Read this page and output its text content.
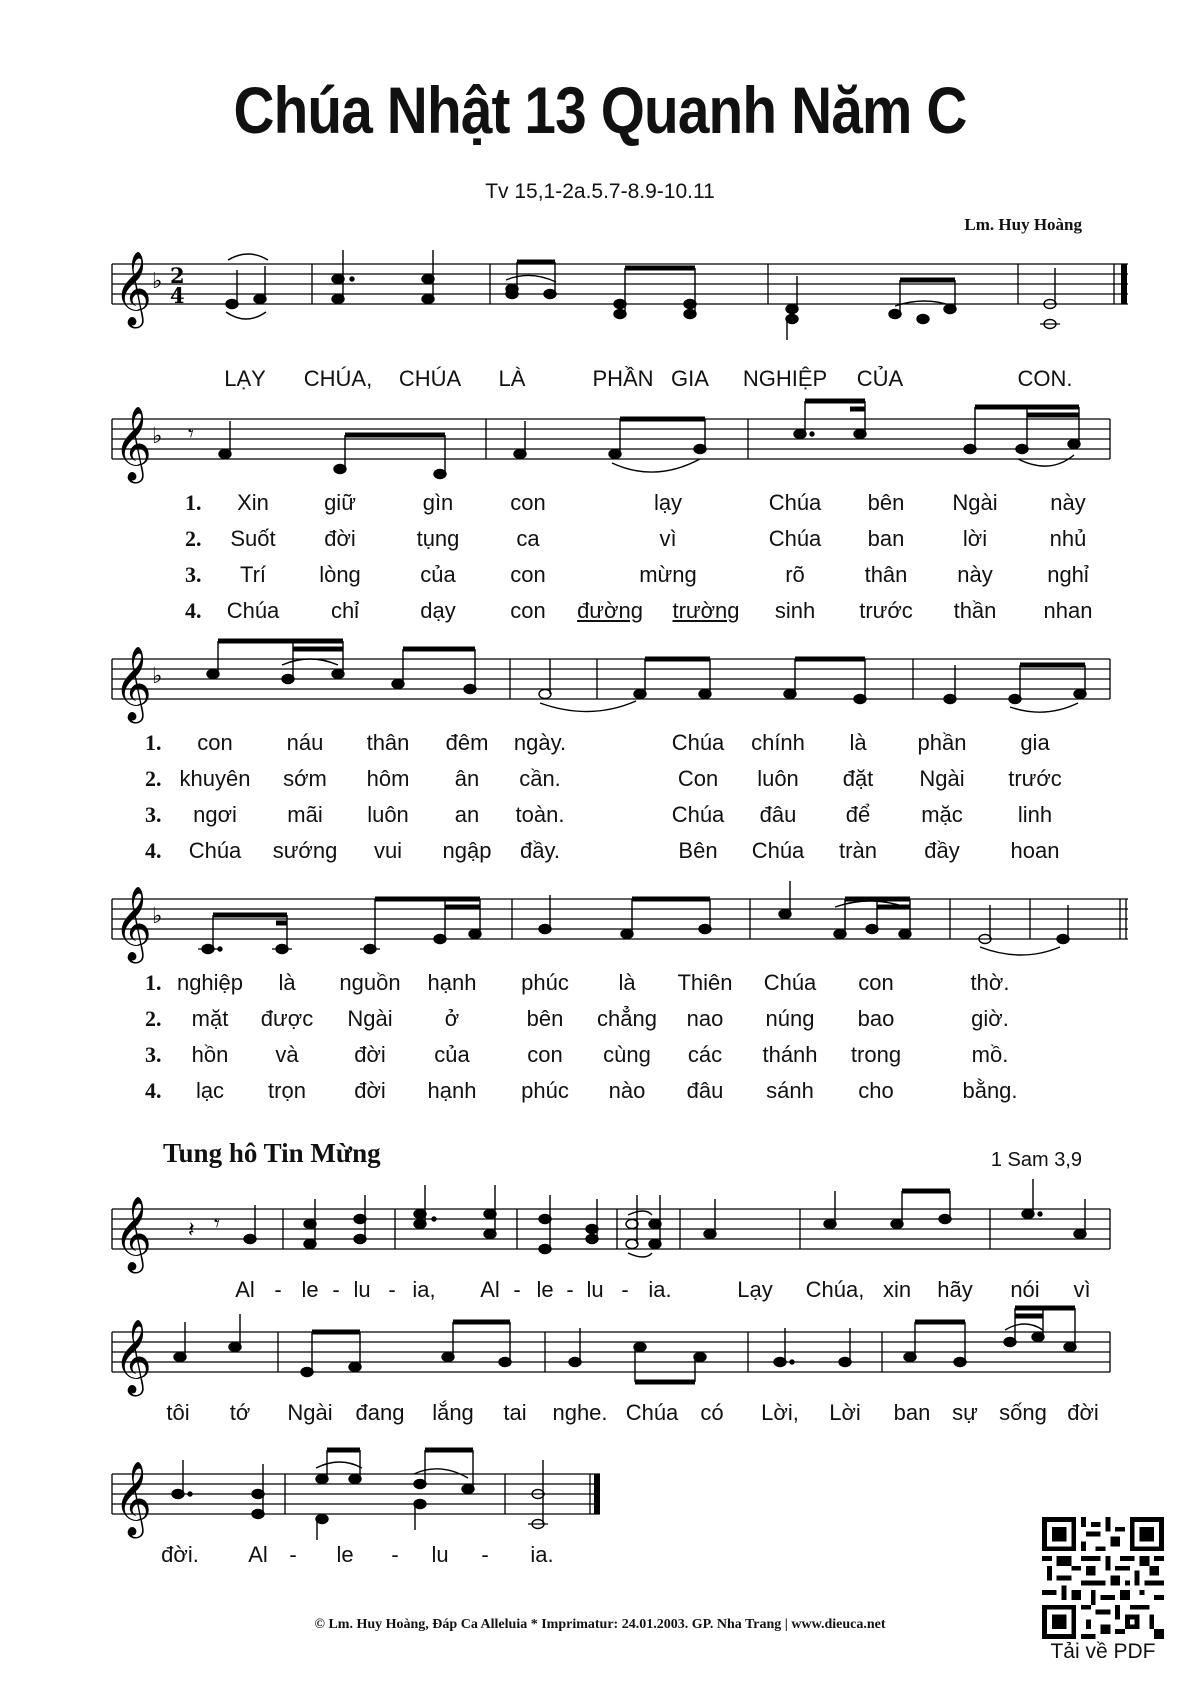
Chúa Nhật 13 Quanh Năm C
Tv 15,1-2a.5.7-8.9-10.11
Lm. Huy Hoàng
𝄞 ♭ 2
4
LẠY CHÚA, CHÚA LÀ	PHẦN GIA NGHIỆP CỦA	CON.
𝄞 ♭ 𝄾
1. Xin	giữ	gìn	con	lạy	Chúa bên Ngài này
2. Suốt đời	tụng	ca	vì	Chúa ban	lời	nhủ
3. Trí lòng	của con	mừng	rõ	thân này nghỉ
4. Chúa chỉ	dạy con đường trường sinh trước thần nhan
𝄞 ♭
1. con náu thân đêm ngày.	Chúa chính là phần gia
2. khuyên sớm hôm ân cần.	Con luôn đặt Ngài trước
3. ngơi mãi luôn an toàn.	Chúa đâu để mặc	linh
4. Chúa sướng vui ngập đầy.	Bên Chúa tràn đầy hoan
𝄞 ♭
1. nghiệp là nguồn hạnh phúc là Thiên Chúa con	thờ.
2. mặt được Ngài ở	bên chẳng nao núng bao	giờ.
3. hồn và	đời của	con cùng các thánh trong	mồ.
4. lạc trọn đời hạnh phúc nào đâu sánh cho	bằng.
Tung hô Tin Mừng	1 Sam 3,9
𝄞 𝄽 𝄾
Al - le - lu - ia, Al - le - lu - ia.	Lạy Chúa, xin hãy nói vì
𝄞
tôi tớ Ngài đang lắng tai nghe. Chúa có Lời, Lời ban sự sống đời
𝄞
đời. Al - le - lu - ia.
© Lm. Huy Hoàng, Đáp Ca Alleluia * Imprimatur: 24.01.2003. GP. Nha Trang | www.dieuca.net
Tải về PDF
